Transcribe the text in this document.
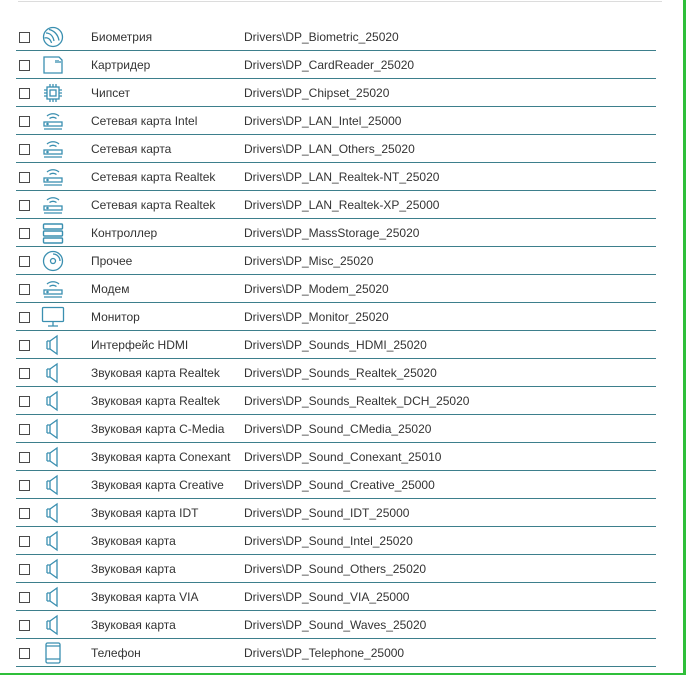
Биометрия	Drivers\DP_Biometric_25020
Картридер	Drivers\DP_CardReader_25020
Чипсет	Drivers\DP_Chipset_25020
Сетевая карта Intel	Drivers\DP_LAN_Intel_25000
Сетевая карта	Drivers\DP_LAN_Others_25020
Сетевая карта Realtek Drivers\DP_LAN_Realtek-NT_25020
Сетевая карта Realtek Drivers\DP_LAN_Realtek-XP_25000
Контроллер	Drivers\DP_MassStorage_25020
Прочее	Drivers\DP_Misc_25020
Модем	Drivers\DP_Modem_25020
Монитор	Drivers\DP_Monitor_25020
Интерфейс HDMI	Drivers\DP_Sounds_HDMI_25020
Звуковая карта Realtek Drivers\DP_Sounds_Realtek_25020
Звуковая карта Realtek Drivers\DP_Sounds_Realtek_DCH_25020
Звуковая карта C-Media Drivers\DP_Sound_CMedia_25020
Звуковая карта Conexant Drivers\DP_Sound_Conexant_25010
Звуковая карта Creative Drivers\DP_Sound_Creative_25000
Звуковая карта IDT	Drivers\DP_Sound_IDT_25000
Звуковая карта	Drivers\DP_Sound_Intel_25020
Звуковая карта	Drivers\DP_Sound_Others_25020
Звуковая карта VIA	Drivers\DP_Sound_VIA_25000
Звуковая карта	Drivers\DP_Sound_Waves_25020
Телефон	Drivers\DP_Telephone_25000
